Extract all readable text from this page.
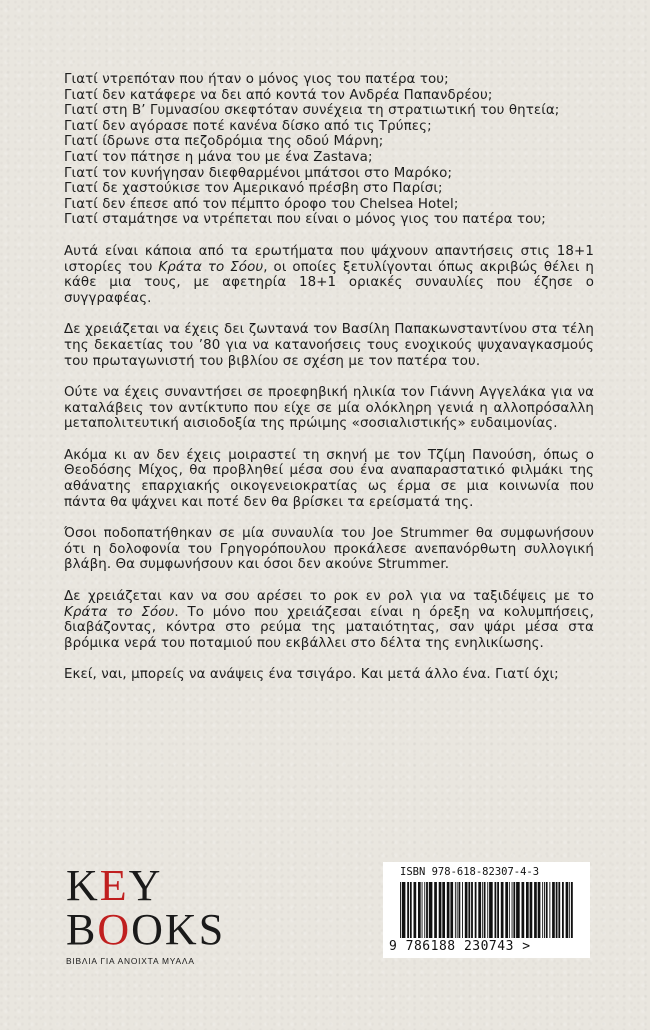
Γιατί ντρεπόταν που ήταν ο μόνος γιος του πατέρα του;
Γιατί δεν κατάφερε να δει από κοντά τον Ανδρέα Παπανδρέου;
Γιατί στη Β’ Γυμνασίου σκεφτόταν συνέχεια τη στρατιωτική του θητεία;
Γιατί δεν αγόρασε ποτέ κανένα δίσκο από τις Τρύπες;
Γιατί ίδρωνε στα πεζοδρόμια της οδού Μάρνη;
Γιατί τον πάτησε η μάνα του με ένα Zastava;
Γιατί τον κυνήγησαν διεφθαρμένοι μπάτσοι στο Μαρόκο;
Γιατί δε χαστούκισε τον Αμερικανό πρέσβη στο Παρίσι;
Γιατί δεν έπεσε από τον πέμπτο όροφο του Chelsea Hotel;
Γιατί σταμάτησε να ντρέπεται που είναι ο μόνος γιος του πατέρα του;

Αυτά είναι κάποια από τα ερωτήματα που ψάχνουν απαντήσεις στις 18+1 ιστορίες του Κράτα το Σόου, οι οποίες ξετυλίγονται όπως ακριβώς θέλει η κάθε μια τους, με αφετηρία 18+1 οριακές συναυλίες που έζησε ο συγγραφέας.

Δε χρειάζεται να έχεις δει ζωντανά τον Βασίλη Παπακωνσταντίνου στα τέλη της δεκαετίας του ’80 για να κατανοήσεις τους ενοχικούς ψυχαναγκασμούς του πρωταγωνιστή του βιβλίου σε σχέση με τον πατέρα του.

Ούτε να έχεις συναντήσει σε προεφηβική ηλικία τον Γιάννη Αγγελάκα για να καταλάβεις τον αντίκτυπο που είχε σε μία ολόκληρη γενιά η αλλοπρόσαλλη μεταπολιτευτική αισιοδοξία της πρώιμης «σοσιαλιστικής» ευδαιμονίας.

Ακόμα κι αν δεν έχεις μοιραστεί τη σκηνή με τον Τζίμη Πανούση, όπως ο Θεοδόσης Μίχος, θα προβληθεί μέσα σου ένα αναπαραστατικό φιλμάκι της αθάνατης επαρχιακής οικογενειοκρατίας ως έρμα σε μια κοινωνία που πάντα θα ψάχνει και ποτέ δεν θα βρίσκει τα ερείσματά της.

Όσοι ποδοπατήθηκαν σε μία συναυλία του Joe Strummer θα συμφωνήσουν ότι η δολοφονία του Γρηγορόπουλου προκάλεσε ανεπανόρθωτη συλλογική βλάβη. Θα συμφωνήσουν και όσοι δεν ακούνε Strummer.

Δε χρειάζεται καν να σου αρέσει το ροκ εν ρολ για να ταξιδέψεις με το Κράτα το Σόου. Το μόνο που χρειάζεσαι είναι η όρεξη να κολυμπήσεις, διαβάζοντας, κόντρα στο ρεύμα της ματαιότητας, σαν ψάρι μέσα στα βρόμικα νερά του ποταμιού που εκβάλλει στο δέλτα της ενηλικίωσης.

Εκεί, ναι, μπορείς να ανάψεις ένα τσιγάρο. Και μετά άλλο ένα. Γιατί όχι;

KEY
BOOKS
ΒΙΒΛΙΑ ΓΙΑ ΑΝΟΙΧΤΑ ΜΥΑΛΑ
ISBN 978-618-82307-4-3
9 786188 230743 >
